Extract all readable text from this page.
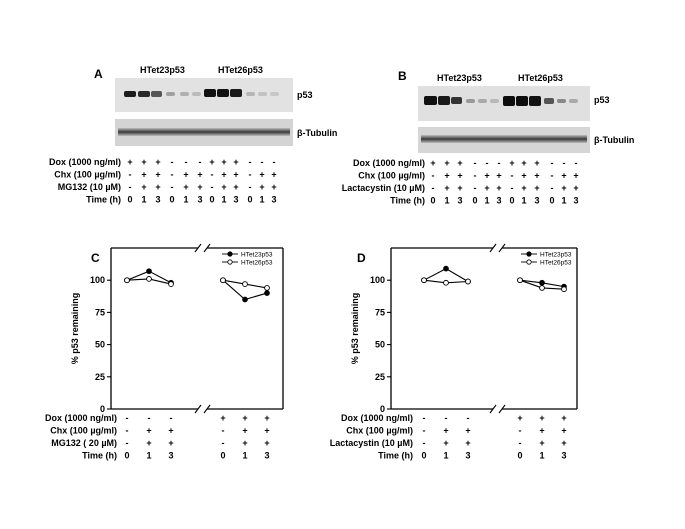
A	HTet23p53	HTet26p53
p53
β-Tubulin
Dox (1000 ng/ml) + + + - - - + + + - - -
Chx (100 µg/ml) - + + - + + - + + - + +
MG132 (10 µM) - + + - + + - + + - + +
Time (h) 0 1 3 0 1 3 0 1 3 0 1 3
B	HTet23p53	HTet26p53
p53
β-Tubulin
Dox (1000 ng/ml) + + + - - - + + + - - -
Chx (100 µg/ml) - + + - + + - + + - + +
Lactacystin (10 µM) - + + - + + - + + - + +
Time (h) 0 1 3 0 1 3 0 1 3 0 1 3
C
0
25
50
75
100
% p53 remaining
HTet23p53
HTet26p53
Dox (1000 ng/ml) - - -	+ + +
Chx (100 µg/ml) - + +	- + +
MG132 ( 20 µM) - + +	- + +
Time (h) 0 1 3	0 1 3
D
0
25
50
75
100
% p53 remaining
HTet23p53
HTet26p53
Dox (1000 ng/ml) - - -	+ + +
Chx (100 µg/ml) - + +	- + +
Lactacystin (10 µM) - + +	- + +
Time (h) 0 1 3	0 1 3
